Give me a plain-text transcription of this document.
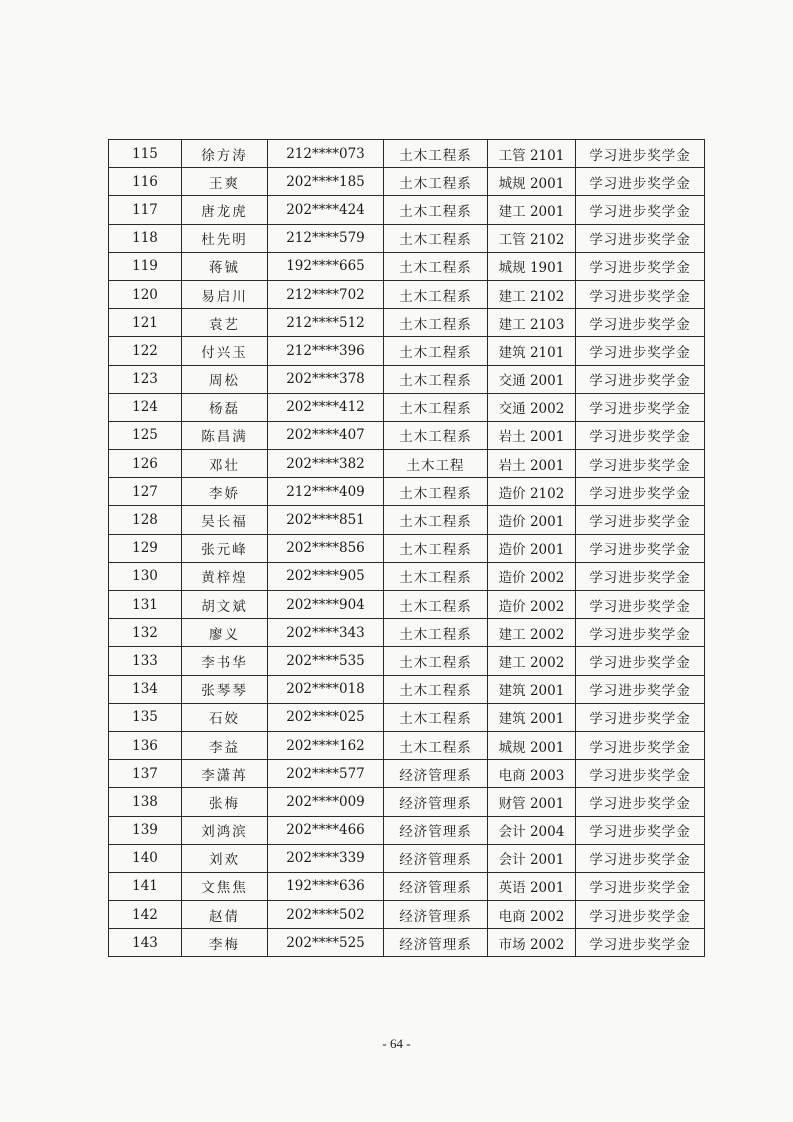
115	徐方涛	212****073	土木工程系	工管 2101	学习进步奖学金
116	王爽	202****185	土木工程系	城规 2001	学习进步奖学金
117	唐龙虎	202****424	土木工程系	建工 2001	学习进步奖学金
118	杜先明	212****579	土木工程系	工管 2102	学习进步奖学金
119	蒋铖	192****665	土木工程系	城规 1901	学习进步奖学金
120	易启川	212****702	土木工程系	建工 2102	学习进步奖学金
121	袁艺	212****512	土木工程系	建工 2103	学习进步奖学金
122	付兴玉	212****396	土木工程系	建筑 2101	学习进步奖学金
123	周松	202****378	土木工程系	交通 2001	学习进步奖学金
124	杨磊	202****412	土木工程系	交通 2002	学习进步奖学金
125	陈昌满	202****407	土木工程系	岩土 2001	学习进步奖学金
126	邓壮	202****382	土木工程	岩土 2001	学习进步奖学金
127	李娇	212****409	土木工程系	造价 2102	学习进步奖学金
128	吴长福	202****851	土木工程系	造价 2001	学习进步奖学金
129	张元峰	202****856	土木工程系	造价 2001	学习进步奖学金
130	黄梓煌	202****905	土木工程系	造价 2002	学习进步奖学金
131	胡文斌	202****904	土木工程系	造价 2002	学习进步奖学金
132	廖义	202****343	土木工程系	建工 2002	学习进步奖学金
133	李书华	202****535	土木工程系	建工 2002	学习进步奖学金
134	张琴琴	202****018	土木工程系	建筑 2001	学习进步奖学金
135	石姣	202****025	土木工程系	建筑 2001	学习进步奖学金
136	李益	202****162	土木工程系	城规 2001	学习进步奖学金
137	李潇苒	202****577	经济管理系	电商 2003	学习进步奖学金
138	张梅	202****009	经济管理系	财管 2001	学习进步奖学金
139	刘鸿滨	202****466	经济管理系	会计 2004	学习进步奖学金
140	刘欢	202****339	经济管理系	会计 2001	学习进步奖学金
141	文焦焦	192****636	经济管理系	英语 2001	学习进步奖学金
142	赵倩	202****502	经济管理系	电商 2002	学习进步奖学金
143	李梅	202****525	经济管理系	市场 2002	学习进步奖学金
- 64 -
